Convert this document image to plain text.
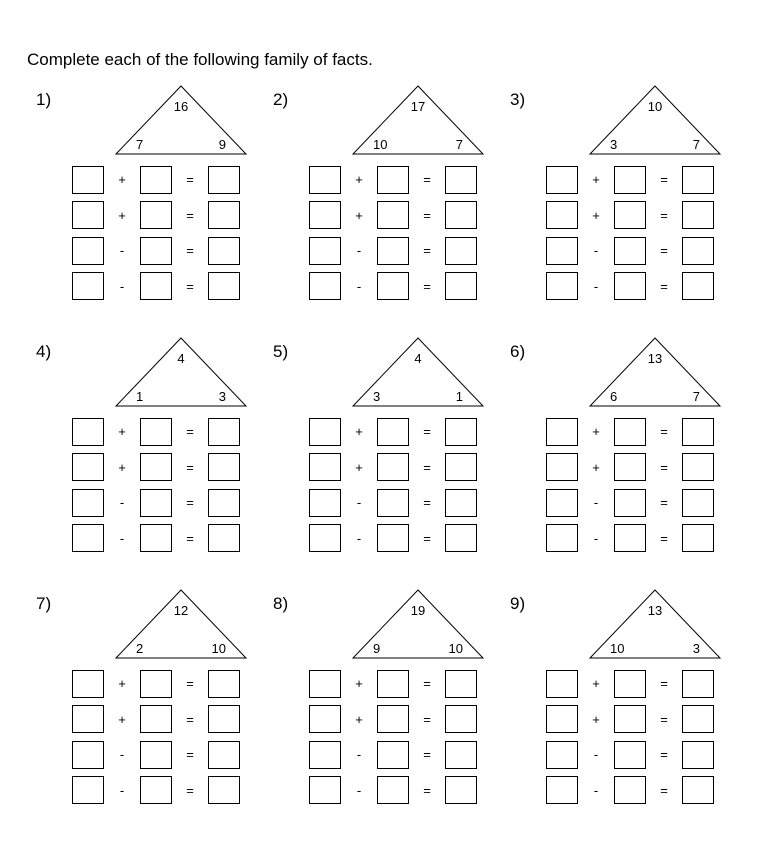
Complete each of the following family of facts.
1)	16
7	9
+	=
+	=
-	=
-	=
2)	17
10	7
+	=
+	=
-	=
-	=
3)	10
3	7
+	=
+	=
-	=
-	=
4)	4
1	3
+	=
+	=
-	=
-	=
5)	4
3	1
+	=
+	=
-	=
-	=
6)	13
6	7
+	=
+	=
-	=
-	=
7)	12
2	10
+	=
+	=
-	=
-	=
8)	19
9	10
+	=
+	=
-	=
-	=
9)	13
10	3
+	=
+	=
-	=
-	=
